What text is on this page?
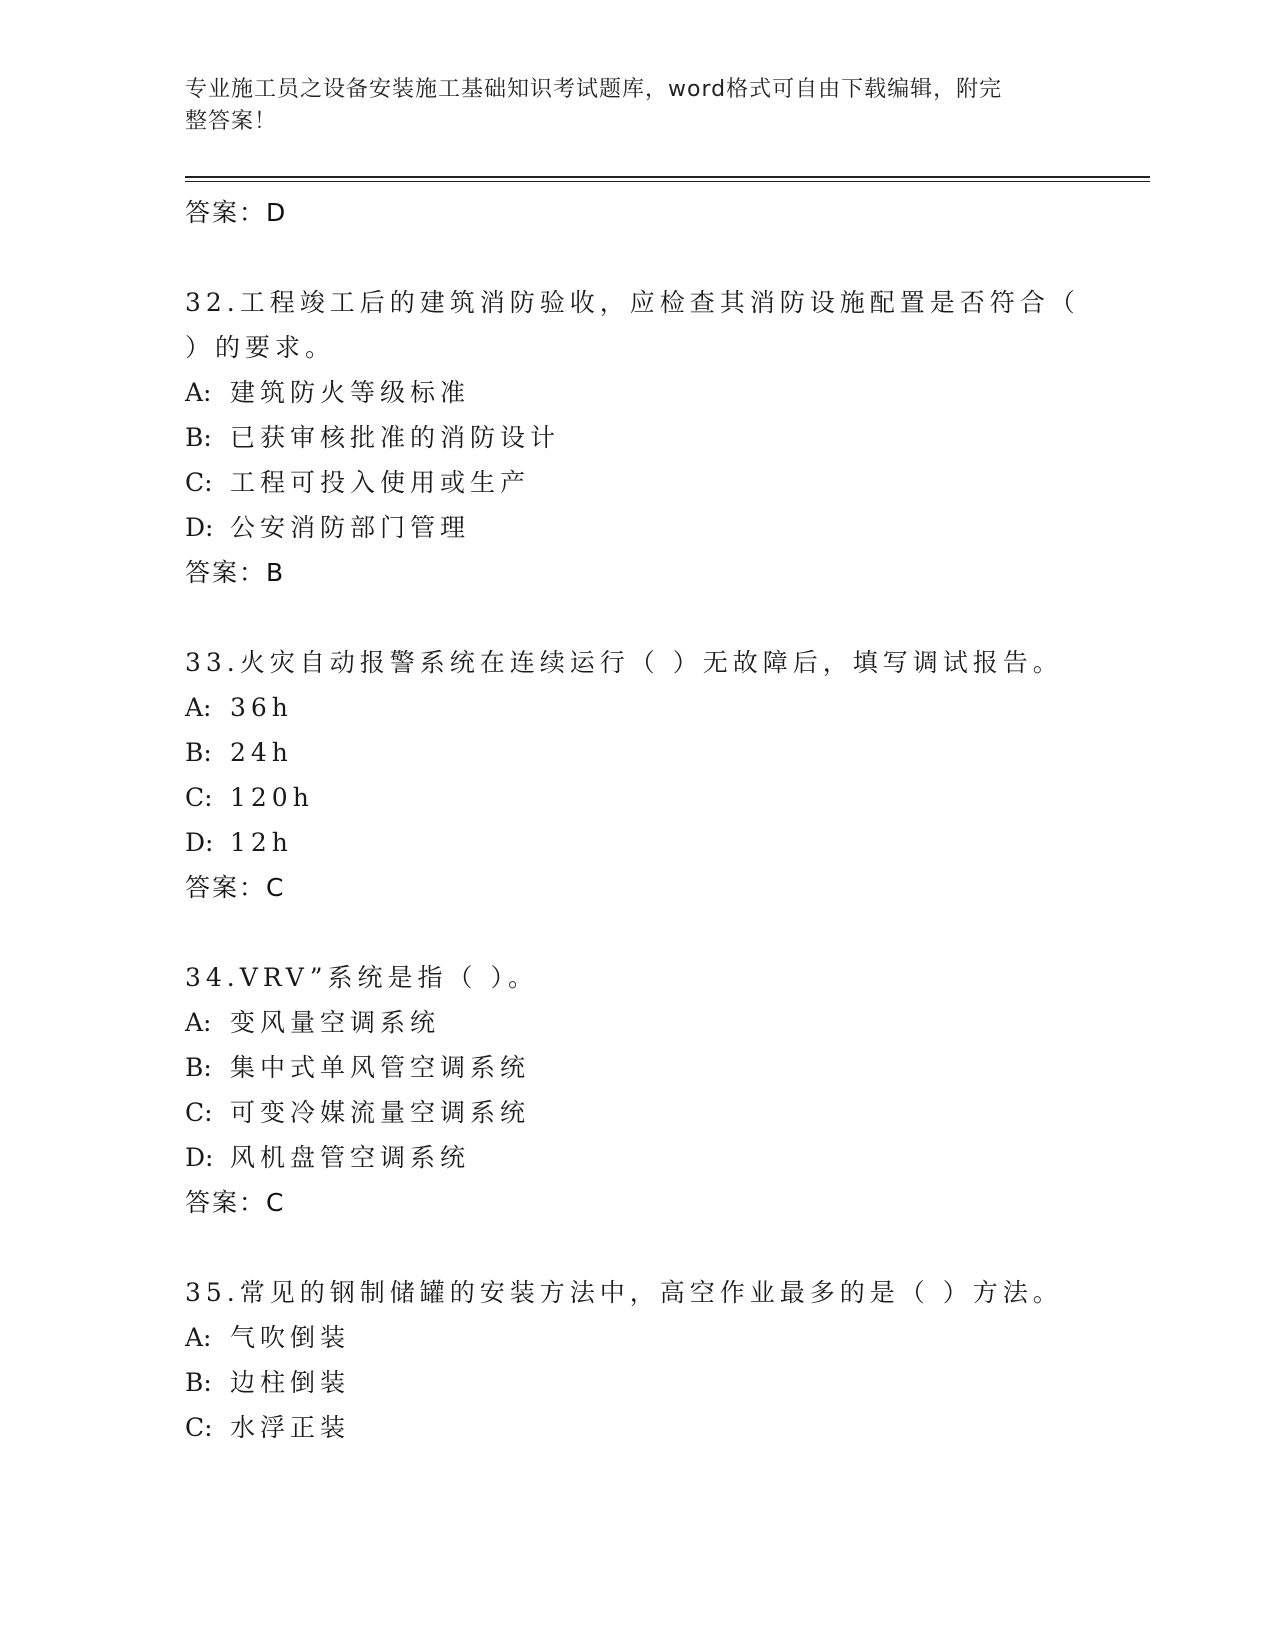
专业施工员之设备安装施工基础知识考试题库，word格式可自由下载编辑，附完
整答案！
答案：D
32.工程竣工后的建筑消防验收，应检查其消防设施配置是否符合（
）的要求。
A: 建筑防火等级标准
B: 已获审核批准的消防设计
C: 工程可投入使用或生产
D: 公安消防部门管理
答案：B
33.火灾自动报警系统在连续运行（ ）无故障后，填写调试报告。
A: 36h
B: 24h
C: 120h
D: 12h
答案：C
34.VRV”系统是指（ ）。
A: 变风量空调系统
B: 集中式单风管空调系统
C: 可变冷媒流量空调系统
D: 风机盘管空调系统
答案：C
35.常见的钢制储罐的安装方法中，高空作业最多的是（ ）方法。
A: 气吹倒装
B: 边柱倒装
C: 水浮正装
